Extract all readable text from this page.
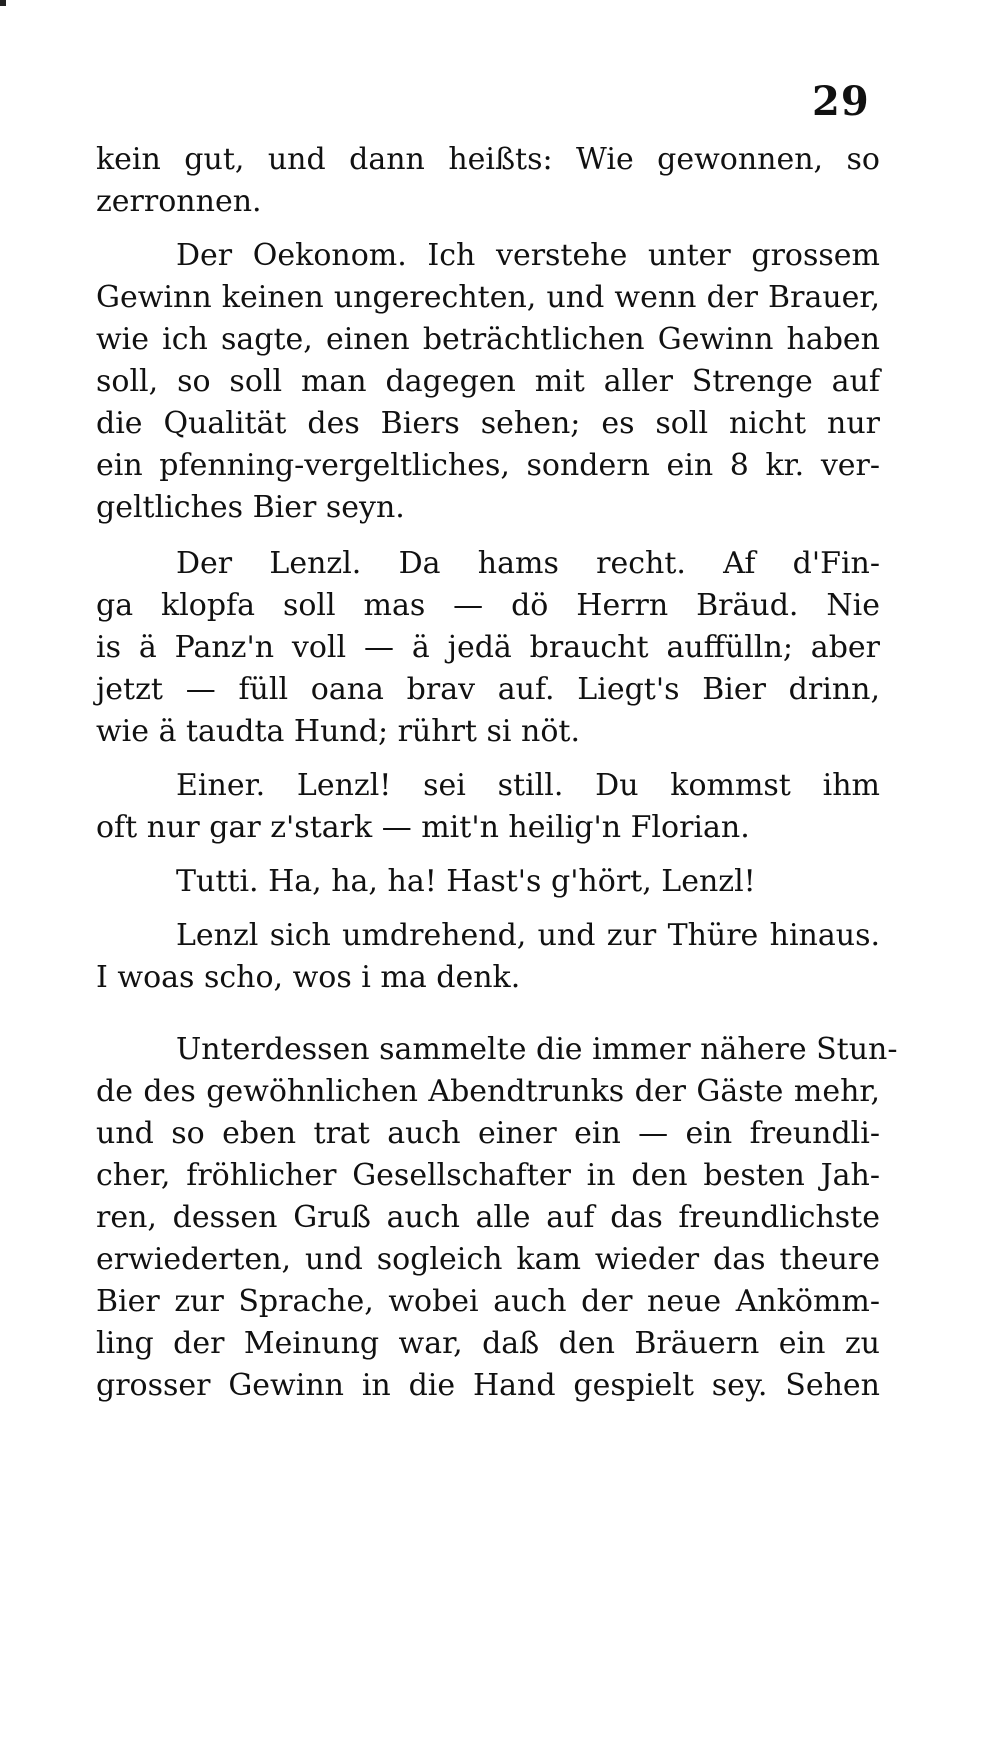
29
kein gut, und dann heißts: Wie gewonnen, so
zerronnen.
Der Oekonom. Ich verstehe unter grossem
Gewinn keinen ungerechten, und wenn der Brauer,
wie ich sagte, einen beträchtlichen Gewinn haben
soll, so soll man dagegen mit aller Strenge auf
die Qualität des Biers sehen; es soll nicht nur
ein pfenning-vergeltliches, sondern ein 8 kr. ver-
geltliches Bier seyn.
Der Lenzl. Da hams recht. Af d'Fin-
ga klopfa soll mas — dö Herrn Bräud. Nie
is ä Panz'n voll — ä jedä braucht auffülln; aber
jetzt — füll oana brav auf. Liegt's Bier drinn,
wie ä taudta Hund; rührt si nöt.
Einer. Lenzl! sei still. Du kommst ihm
oft nur gar z'stark — mit'n heilig'n Florian.
Tutti. Ha, ha, ha! Hast's g'hört, Lenzl!
Lenzl sich umdrehend, und zur Thüre hinaus.
I woas scho, wos i ma denk.
Unterdessen sammelte die immer nähere Stun-
de des gewöhnlichen Abendtrunks der Gäste mehr,
und so eben trat auch einer ein — ein freundli-
cher, fröhlicher Gesellschafter in den besten Jah-
ren, dessen Gruß auch alle auf das freundlichste
erwiederten, und sogleich kam wieder das theure
Bier zur Sprache, wobei auch der neue Ankömm-
ling der Meinung war, daß den Bräuern ein zu
grosser Gewinn in die Hand gespielt sey. Sehen
